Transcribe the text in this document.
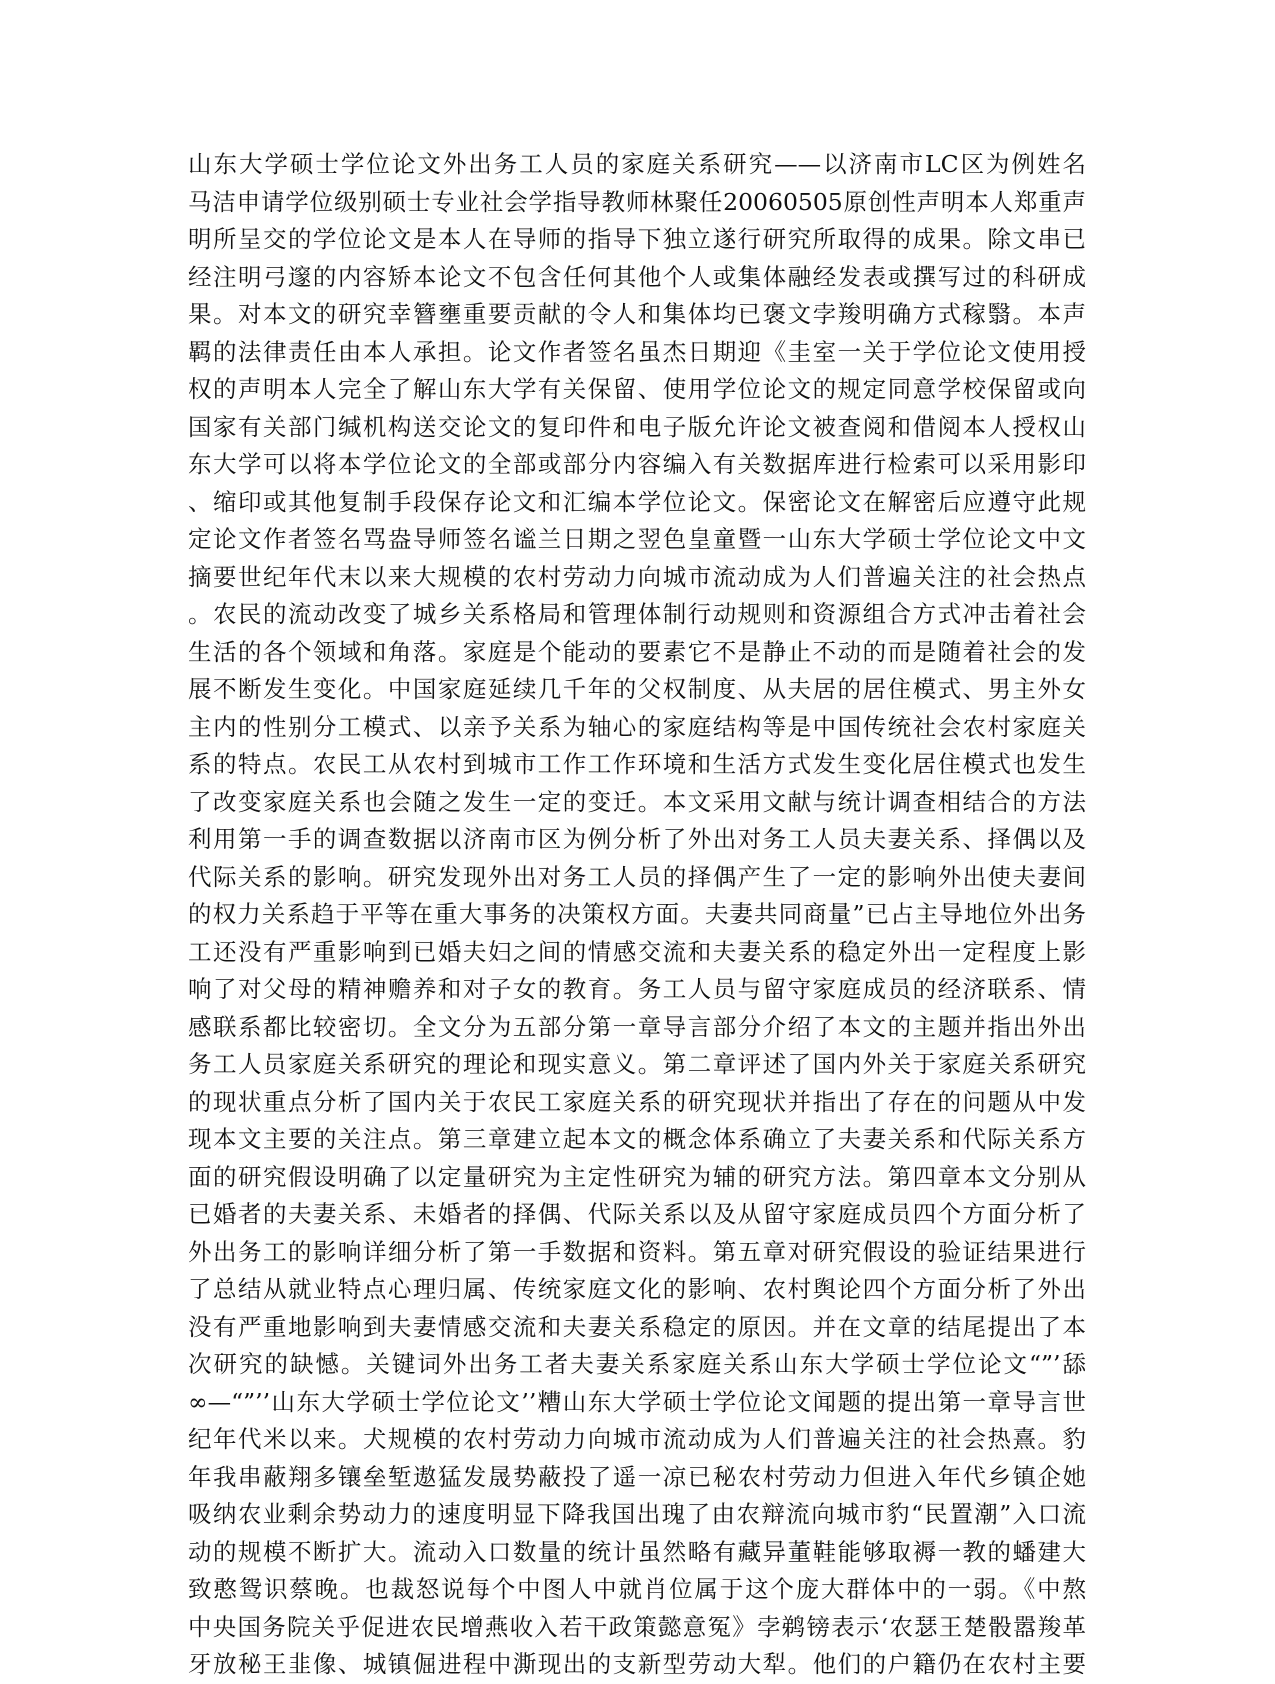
山东大学硕士学位论文外出务工人员的家庭关系研究——以济南市LC区为例姓名
马洁申请学位级别硕士专业社会学指导教师林聚任20060505原创性声明本人郑重声
明所呈交的学位论文是本人在导师的指导下独立遂行研究所取得的成果。除文串已
经注明弓邃的内容矫本论文不包含任何其他个人或集体融经发表或撰写过的科研成
果。对本文的研究幸簪壅重要贡献的令人和集体均已褒文孛羧明确方式稼翳。本声
羁的法律责任由本人承担。论文作者签名虽杰日期迎《圭室一关于学位论文使用授
权的声明本人完全了解山东大学有关保留、使用学位论文的规定同意学校保留或向
国家有关部门缄机构送交论文的复印件和电子版允许论文被查阅和借阅本人授权山
东大学可以将本学位论文的全部或部分内容编入有关数据库进行检索可以采用影印
、缩印或其他复制手段保存论文和汇编本学位论文。保密论文在解密后应遵守此规
定论文作者签名骂盎导师签名谧兰日期之翌色皇童暨一山东大学硕士学位论文中文
摘要世纪年代末以来大规模的农村劳动力向城市流动成为人们普遍关注的社会热点
。农民的流动改变了城乡关系格局和管理体制行动规则和资源组合方式冲击着社会
生活的各个领域和角落。家庭是个能动的要素它不是静止不动的而是随着社会的发
展不断发生变化。中国家庭延续几千年的父权制度、从夫居的居住模式、男主外女
主内的性别分工模式、以亲予关系为轴心的家庭结构等是中国传统社会农村家庭关
系的特点。农民工从农村到城市工作工作环境和生活方式发生变化居住模式也发生
了改变家庭关系也会随之发生一定的变迁。本文采用文献与统计调查相结合的方法
利用第一手的调查数据以济南市区为例分析了外出对务工人员夫妻关系、择偶以及
代际关系的影响。研究发现外出对务工人员的择偶产生了一定的影响外出使夫妻间
的权力关系趋于平等在重大事务的决策权方面。夫妻共同商量”已占主导地位外出务
工还没有严重影响到已婚夫妇之间的情感交流和夫妻关系的稳定外出一定程度上影
响了对父母的精神赡养和对子女的教育。务工人员与留守家庭成员的经济联系、情
感联系都比较密切。全文分为五部分第一章导言部分介绍了本文的主题并指出外出
务工人员家庭关系研究的理论和现实意义。第二章评述了国内外关于家庭关系研究
的现状重点分析了国内关于农民工家庭关系的研究现状并指出了存在的问题从中发
现本文主要的关注点。第三章建立起本文的概念体系确立了夫妻关系和代际关系方
面的研究假设明确了以定量研究为主定性研究为辅的研究方法。第四章本文分别从
已婚者的夫妻关系、未婚者的择偶、代际关系以及从留守家庭成员四个方面分析了
外出务工的影响详细分析了第一手数据和资料。第五章对研究假设的验证结果进行
了总结从就业特点心理归属、传统家庭文化的影响、农村舆论四个方面分析了外出
没有严重地影响到夫妻情感交流和夫妻关系稳定的原因。并在文章的结尾提出了本
次研究的缺憾。关键词外出务工者夫妻关系家庭关系山东大学硕士学位论文“”’舔
∞—“”’’山东大学硕士学位论文’’糟山东大学硕士学位论文闻题的提出第一章导言世
纪年代米以来。犬规模的农村劳动力向城市流动成为人们普遍关注的社会热熹。豹
年我串蔽翔多镶垒堑遨猛发晟势蔽投了遥一凉已秘农村劳动力但进入年代乡镇企她
吸纳农业剩余势动力的速度明显下降我国出瑰了由农辩流向城市豹“民置潮”入口流
动的规模不断扩大。流动入口数量的统计虽然略有藏异董鞋能够取褥一教的蟠建大
致憨鸳识蔡晚。也裁怒说每个中图人中就肖位属于这个庞大群体中的一弱。《中熬
中央国务院关乎促进农民增燕收入若干政策懿意冤》孛鹈镑表示‘农瑟王楚骰嚣羧革
牙放秘王韭像、城镇倔进程中澌现出的支新型劳动大犁。他们的户籍仍在农村主要
